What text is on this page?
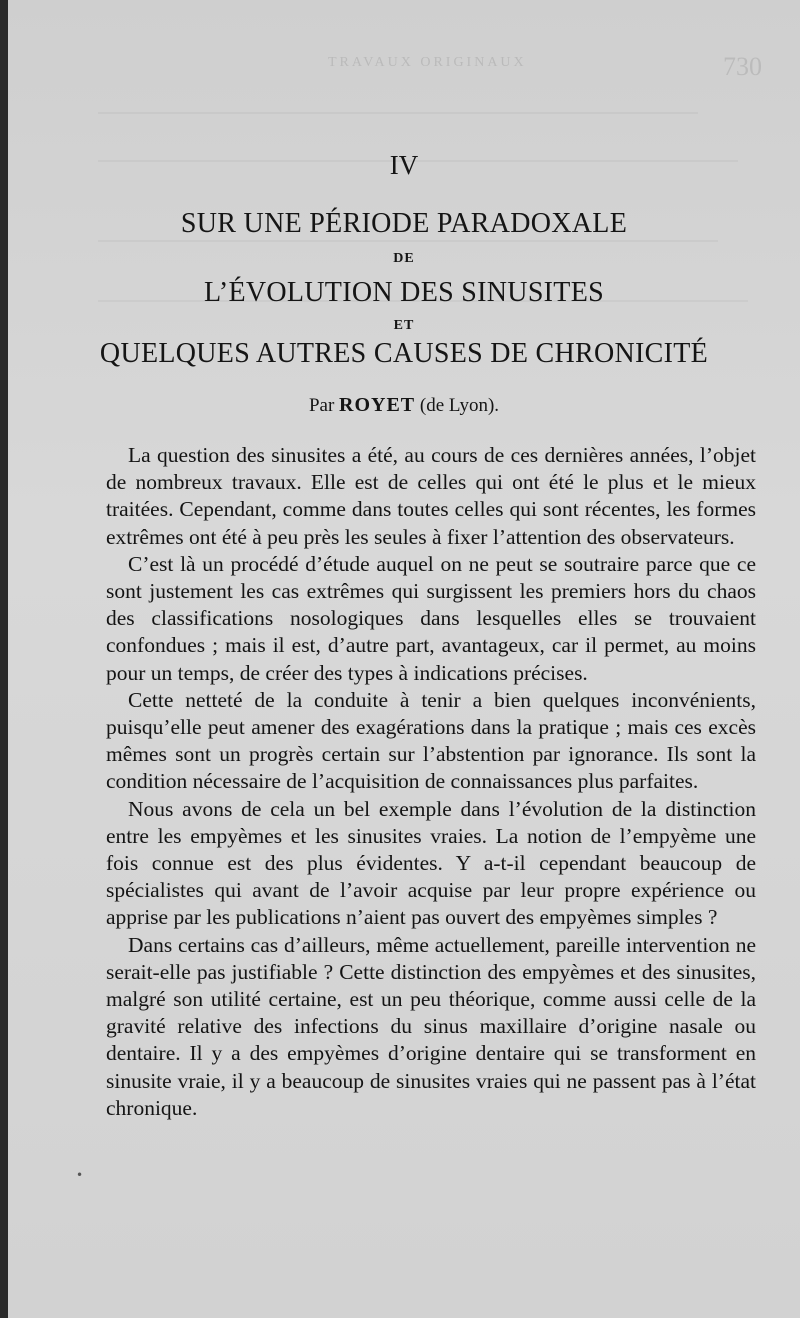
TRAVAUX ORIGINAUX	730
IV
SUR UNE PÉRIODE PARADOXALE
DE
L’ÉVOLUTION DES SINUSITES
ET
QUELQUES AUTRES CAUSES DE CHRONICITÉ
Par ROYET (de Lyon).

La question des sinusites a été, au cours de ces dernières années, l’objet de nombreux travaux. Elle est de celles qui ont été le plus et le mieux traitées. Cependant, comme dans toutes celles qui sont récentes, les formes extrêmes ont été à peu près les seules à fixer l’attention des observateurs.

C’est là un procédé d’étude auquel on ne peut se soutraire parce que ce sont justement les cas extrêmes qui surgissent les premiers hors du chaos des classifications nosologiques dans lesquelles elles se trouvaient confondues ; mais il est, d’autre part, avantageux, car il permet, au moins pour un temps, de créer des types à indications précises.

Cette netteté de la conduite à tenir a bien quelques inconvénients, puisqu’elle peut amener des exagérations dans la pratique ; mais ces excès mêmes sont un progrès certain sur l’abstention par ignorance. Ils sont la condition nécessaire de l’acquisition de connaissances plus parfaites.

Nous avons de cela un bel exemple dans l’évolution de la distinction entre les empyèmes et les sinusites vraies. La notion de l’empyème une fois connue est des plus évidentes. Y a-t-il cependant beaucoup de spécialistes qui avant de l’avoir acquise par leur propre expérience ou apprise par les publications n’aient pas ouvert des empyèmes simples ?

Dans certains cas d’ailleurs, même actuellement, pareille intervention ne serait-elle pas justifiable ? Cette distinction des empyèmes et des sinusites, malgré son utilité certaine, est un peu théorique, comme aussi celle de la gravité relative des infections du sinus maxillaire d’origine nasale ou dentaire. Il y a des empyèmes d’origine dentaire qui se transforment en sinusite vraie, il y a beaucoup de sinusites vraies qui ne passent pas à l’état chronique.

•
